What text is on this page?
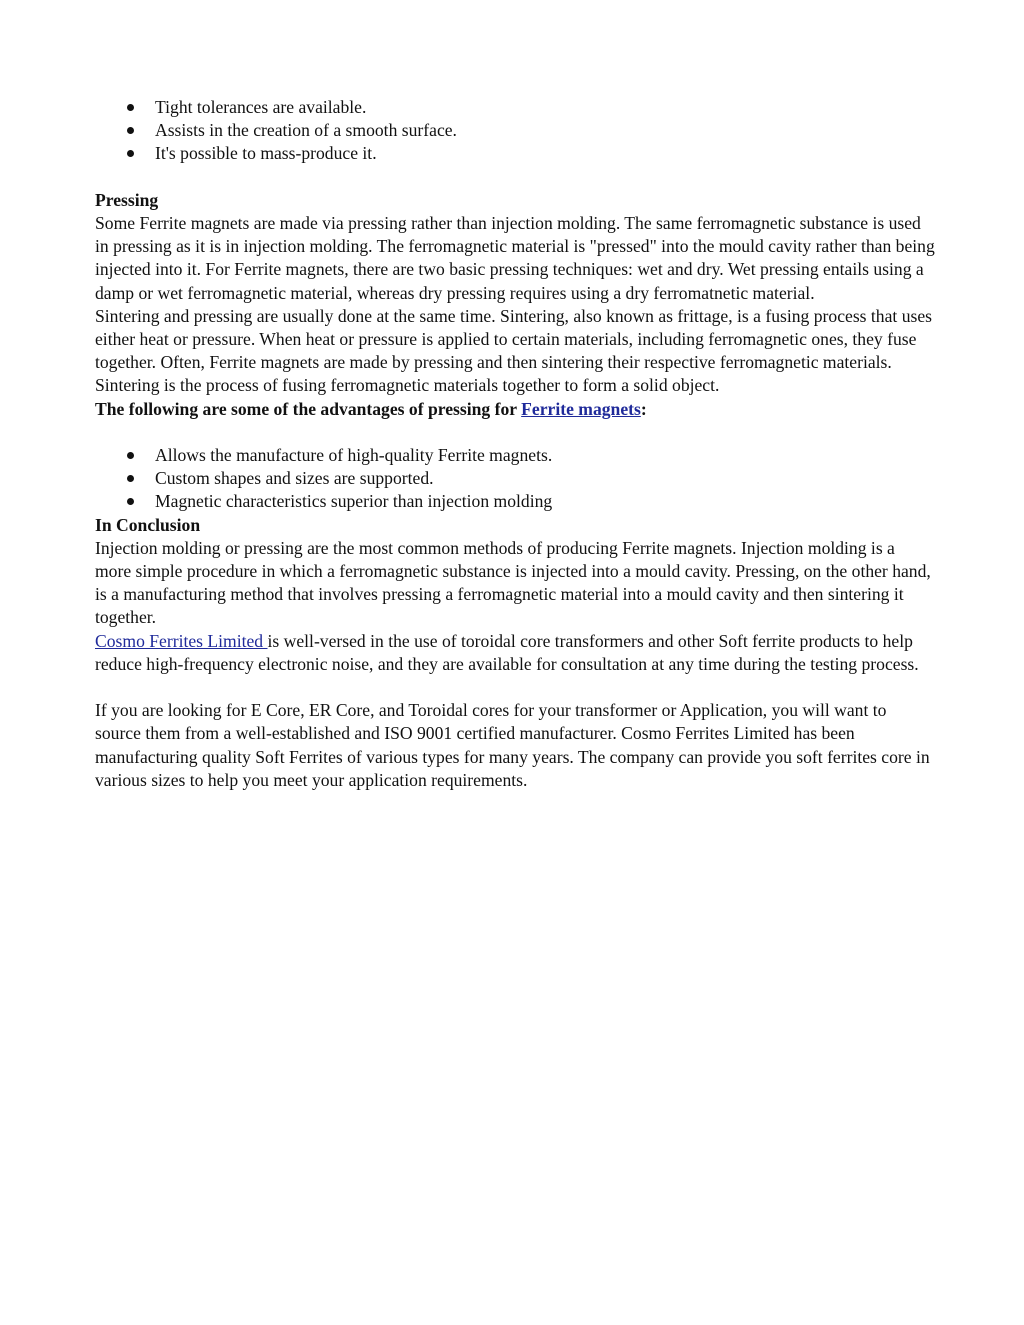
Tight tolerances are available.
Assists in the creation of a smooth surface.
It's possible to mass-produce it.

Pressing

Some Ferrite magnets are made via pressing rather than injection molding. The same ferromagnetic substance is used in pressing as it is in injection molding. The ferromagnetic material is "pressed" into the mould cavity rather than being injected into it. For Ferrite magnets, there are two basic pressing techniques: wet and dry. Wet pressing entails using a damp or wet ferromagnetic material, whereas dry pressing requires using a dry ferromatnetic material.

Sintering and pressing are usually done at the same time. Sintering, also known as frittage, is a fusing process that uses either heat or pressure. When heat or pressure is applied to certain materials, including ferromagnetic ones, they fuse together. Often, Ferrite magnets are made by pressing and then sintering their respective ferromagnetic materials. Sintering is the process of fusing ferromagnetic materials together to form a solid object.

The following are some of the advantages of pressing for Ferrite magnets:

Allows the manufacture of high-quality Ferrite magnets.
Custom shapes and sizes are supported.
Magnetic characteristics superior than injection molding

In Conclusion

Injection molding or pressing are the most common methods of producing Ferrite magnets. Injection molding is a more simple procedure in which a ferromagnetic substance is injected into a mould cavity. Pressing, on the other hand, is a manufacturing method that involves pressing a ferromagnetic material into a mould cavity and then sintering it together.

Cosmo Ferrites Limited is well-versed in the use of toroidal core transformers and other Soft ferrite products to help reduce high-frequency electronic noise, and they are available for consultation at any time during the testing process.

If you are looking for E Core, ER Core, and Toroidal cores for your transformer or Application, you will want to source them from a well-established and ISO 9001 certified manufacturer. Cosmo Ferrites Limited has been manufacturing quality Soft Ferrites of various types for many years. The company can provide you soft ferrites core in various sizes to help you meet your application requirements.
